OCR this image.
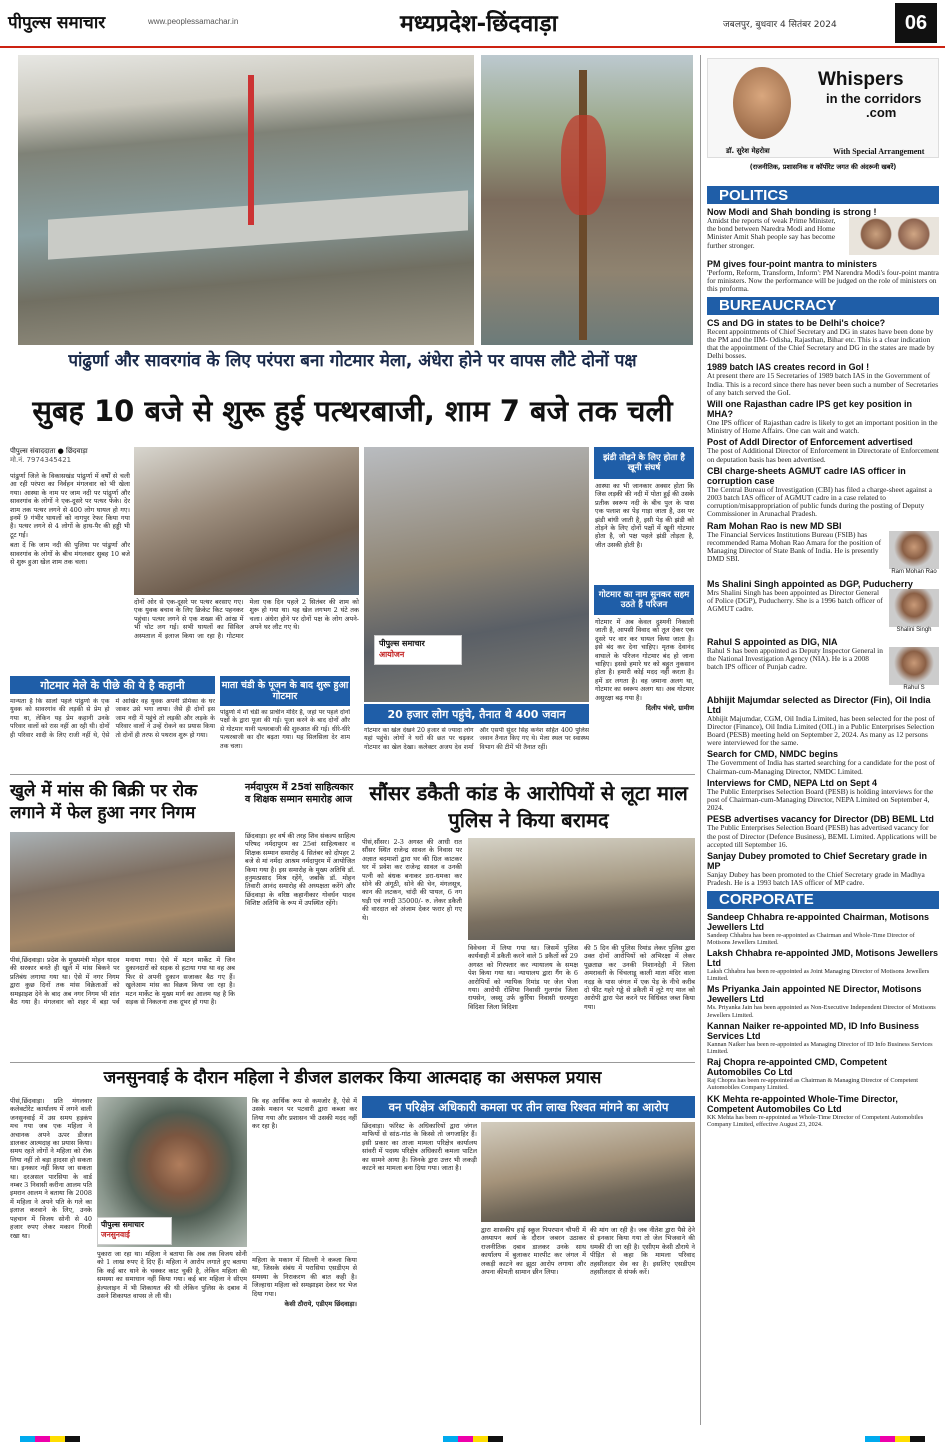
पीपुल्स समाचार	www.peoplessamachar.in	मध्यप्रदेश-छिंदवाड़ा	जबलपुर, बुधवार 4 सितंबर 2024	06
पांढुर्णा और सावरगांव के लिए परंपरा बना गोटमार मेला, अंधेरा होने पर वापस लौटे दोनों पक्ष
सुबह 10 बजे से शुरू हुई पत्थरबाजी, शाम 7 बजे तक चली
पीपुल्स संवाददाता ● छिंदवाड़ा
मो.नं. 7974345421

पांढुर्णा जिले के विकासखंड पांढुर्णा में वर्षों से चली आ रही परंपरा का निर्वहन मंगलवार को भी खेला गया। आस्था के नाम पर जाम नदी पर पांढुर्णा और सावरगांव के लोगों ने एक-दूसरे पर पत्थर फेंके। देर शाम तक पत्थर लगने से 400 लोग घायल हो गए। इनमें 9 गंभीर घायलों को नागपुर रेफर किया गया है। पत्थर लगने से 4 लोगों के हाथ-पैर की हड्डी भी टूट गई।

बता दें कि जाम नदी की पुलिया पर पांढुर्णा और सावरगांव के लोगों के बीच मंगलवार सुबह 10 बजे से शुरू हुआ खेल शाम तक चला।

दोनों ओर से एक-दूसरे पर पत्थर बरसाए गए। एक युवक बचाव के लिए क्रिकेट किट पहनकर पहुंचा। पत्थर लगने से एक शख्स की आंख में भी चोट लग गई। सभी घायलों का सिविल अस्पताल में इलाज किया जा रहा है। गोटमार मेला एक दिन पहले 2 सितंबर की शाम को शुरू हो गया था। यह खेल लगभग 2 घंटे तक चला। अंधेरा होने पर दोनों पक्ष के लोग अपने-अपने घर लौट गए थे।
पीपुल्स समाचार
आयोजन
झंडी तोड़ने के लिए होता है खूनी संघर्ष
आस्था का भी जानकार अक्सर होता कि जिस लड़की की नदी में पोता हुई की उसके प्रतीक स्वरूप नदी के बीच पुल के पास एक पलाश का पेड़ गाड़ा जाता है, उस पर झंडी बांधी जाती है, इसी पेड़ की झंडी को तोड़ने के लिए दोनों पक्षों में खूनी गोटमार होता है, जो पक्ष पहले झंडी तोड़ता है, जीत उसकी होती है।
गोटमार का नाम सुनकर सहम उठते हैं परिजन

गोटमार में अब केवल दुश्मनी निकाली जाती है, आपसी विवाद को तूल देकर एक दूसरे पर वार कर घायल किया जाता है। इसे बंद कर देना चाहिए। मृतक देवानंद वाघाले के परिजन गोटमार बंद हो जाना चाहिए। इससे हमारे घर को बहुत नुकसान होता है। हमारी कोई मदद नहीं करता है। हमें डर लगता है। वह जमाना अलग था, गोटमार का स्वरूप अलग था। अब गोटमार असुरक्षा बढ़ गया है।

दिलीप भंवरे, ग्रामीण

गोटमार मेले के पीछे की ये है कहानी
मान्यता है कि सालों पहले पांढुर्णा के एक युवक को सावरगांव की लड़की से प्रेम हो गया था, लेकिन यह प्रेम कहानी उनके परिवार वालों को रास नहीं आ रही थी। दोनों ही परिवार शादी के लिए राजी नहीं थे, ऐसे में आखिर वह युवक अपनी प्रेमिका के घर जाकर उसे भगा लाया। जैसे ही दोनों इस जाम नदी में पहुंचे तो लड़की और लड़के के परिवार वालों ने उन्हें रोकने का प्रयास किया तो दोनों ही तरफ से पथराव शुरू हो गया।
माता चंडी के पूजन के बाद शुरू हुआ गोटमार
पांढुर्णा में माँ चंडी का प्राचीन मंदिर है, जहां पर पहले दोनों पक्षों के द्वारा पूजा की गई। पूजा करने के बाद दोनों और से गोटमार यानी पत्थरबाजी की शुरुआत की गई। धीरे-धीरे पत्थरबाजी का दौर बढ़ता गया। यह सिलसिला देर शाम तक चला।
20 हजार लोग पहुंचे, तैनात थे 400 जवान
गोटमार का खेल देखने 20 हजार से ज्यादा लोग यहां पहुंचे। लोगों ने घरों की छत पर चढ़कर गोटमार का खेल देखा। कलेक्टर अजय देव शर्मा और एसपी सुंदर सिंह कनेश सहित 400 पुलिस जवान तैनात किए गए थे। मेला स्थल पर स्वास्थ्य विभाग की टीमें भी तैनात रहीं।
खुले में मांस की बिक्री पर रोक लगाने में फेल हुआ नगर निगम
पीसं,छिंदवाड़ा। प्रदेश के मुख्यमंत्री मोहन यादव की सरकार बनते ही खुले में मांस बिकने पर प्रतिबंध लगाया गया था। ऐसे में नगर निगम द्वारा कुछ दिनों तक मांस विक्रेताओं को समझाइश देने के बाद अब नगर निगम भी शांत बैठ गया है। मंगलवार को शहर में बड़ा पर्व मनाया गया। ऐसे में मटन मार्केट में जिन दुकानदारों को सड़क से हटाया गया था वह अब फिर से अपनी दुकान सजाकर बैठ गए हैं। खुलेआम मांस का विक्रय किया जा रहा है। मटन मार्केट के मुख्य मार्ग का आलम यह है कि सड़क से निकलना तक दूभर हो गया है।
नर्मदापुरम में 25वां साहित्यकार व शिक्षक सम्मान समारोह आज
छिंदवाड़ा। हर वर्ष की तरह शिव संकल्प साहित्य परिषद नर्मदापुरम का 25वां साहित्यकार व शिक्षक सम्मान समारोह 4 सितंबर को दोपहर 2 बजे से मां नर्मदा आश्रम नर्मदापुरम में आयोजित किया गया है। इस समारोह के मुख्य अतिथि डॉ. हनुमत्प्रसाद मिश्र रहेंगे, जबकि डॉ. मोहन तिवारी आनंद समारोह की अध्यक्षता करेंगे और छिंदवाड़ा के वरिष्ठ कहानीकार गोवर्धन यादव विशिष्ट अतिथि के रूप में उपस्थित रहेंगे।
सौंसर डकैती कांड के आरोपियों से लूटा माल पुलिस ने किया बरामद
पीसं,सौंसर। 2-3 अगस्त की आधी रात सौंसर स्थित राजेन्द्र सावल के निवास पर अज्ञात बदमाशों द्वारा घर की ग्रिल काटकर घर में प्रवेश कर राजेन्द्र सावल व उनकी पत्नी को बंधक बनाकर डरा-धमका कर सोने की अंगूठी, सोने की चेन, मंगलसूत्र, कान की लटकन, चांदी की पायल, 6 नग घड़ी एवं नगदी 35000/- रु. लेकर डकैती की वारदात को अंजाम देकर फरार हो गए थे।
विवेचना में लिया गया था। जिसमें पुलिस कार्यवाही में डकैती करने वाले 5 डकैतों को 29 अगस्त को गिरफ्तार कर न्यायालय के समक्ष पेश किया गया था। न्यायालय द्वारा गैंग के 6 आरोपियों को न्यायिक रिमांड पर जेल भेजा गया। आरोपी रोशिया निवासी गुलगांव जिला रायसेन, जस्सू उर्फ कुर्रिया निवासी धरमपुरा विदिशा जिला विदिशा
की 5 दिन की पुलिस रिमांड लेकर पुलिस द्वारा उक्त दोनों आरोपियों को अभिरक्षा में लेकर पूछताछ कर उनकी निशानदेही में जिला अमरावती के चिंचलाडू काली माता मंदिर वाला नदड़ के पास जंगल में एक पेड़ के नीचे करीब दो फीट गहरे गड्ढे से डकैती में लूटे गए माल को आरोपी द्वारा पेश करने पर विधिवत जब्त किया गया।
जनसुनवाई के दौरान महिला ने डीजल डालकर किया आत्मदाह का असफल प्रयास
पीसं,छिंदवाड़ा। प्रति मंगलवार कलेक्टोरेट कार्यालय में लगने वाली जनसुनवाई में उस समय हड़कंप मच गया जब एक महिला ने अचानक अपने ऊपर डीजल डालकर आत्मदाह का प्रयास किया। समय रहते लोगों ने महिला को रोक लिया नहीं तो बड़ा हादसा हो सकता था। इनकार नहीं किया जा सकता था। दरअसल पारसिया के वार्ड नम्बर 3 निवासी करीना आलम पति इमरान आलम ने बताया कि 2008 में महिला ने अपने पति के गले का इलाज करवाने के लिए, उनके पहचान में विजय सोनी से 40 हजार रुपए लेकर मकान गिरवी रखा था।
पीपुल्स समाचार
जनसुनवाई
पुकारा जा रहा था। महिला ने बताया कि अब तक विजय सोनी को 1 लाख रुपए दे दिए हैं। महिला ने आरोप लगाते हुए बताया कि कई बार थाने के चक्कर काट चुकी है, लेकिन महिला की समस्या का समाधान नहीं किया गया। कई बार महिला ने सीएम हेल्पलाइन में भी शिकायत की थी लेकिन पुलिस के दबाव में उसने शिकायत वापस ले ली थी।
कि वह आर्थिक रूप से कमजोर है, ऐसे में उसके मकान पर पटवारी द्वारा कब्जा कर लिया गया और प्रशासन भी उसकी मदद नहीं कर रहा है।

महिला के मकान में सिल्ली ने कब्जा किया था, जिसके संबंध में परासिया एसडीएम से समस्या के निराकरण की बात कही है। जिल्हाधा महिला को समझाइश देकर घर भेज दिया गया।

केसी ठौराये, एडीएम छिंदवाड़ा।

वन परिक्षेत्र अधिकारी कमला पर तीन लाख रिश्वत मांगने का आरोप
छिंदवाड़ा। फॉरेस्ट के अधिकारियों द्वारा जंगल माफियों से सांठ-गांठ के किस्से तो जगजाहिर हैं। इसी प्रकार का ताजा मामला परिक्षेत्र कार्यालय सांवरी में पदस्थ परिक्षेत्र अधिकारी कमला पाटिल का सामने आया है। जिनके द्वारा उत्तर भी लकड़ी काटने का मामला बना दिया गया। जाता है।
द्वारा शासकीय हाई स्कूल पिपरपान चौपरी में अध्यापन कार्य के दौरान जबरन उठाकर राजनीतिक दबाव डालकर उनके साथ कार्यालय में बुलाकर मारपीट कर जंगल में लकड़ी काटने का झूठा आरोप लगाया और अपना कीमती सामान छीन लिया।
की मांग जा रही है। जब नीतेश द्वारा पैसे देने से इनकार किया गया तो जेल भिजवाने की धमकी दी जा रही है। एसीएम केसी ठौराये ने पीड़ित से कहा कि मामला परिवाद तहसीलदार सेव का है। इसलिए एसडीएम तहसीलदार से संपर्क करें।
Whispers
in the corridors
.com
डॉ. सुरेश मेहरोत्रा	With Special Arrangement
(राजनीतिक, प्रशासनिक व कॉर्पोरेट जगत की अंदरूनी खबरें)
POLITICS
Now Modi and Shah bonding is strong !
Amidst the reports of weak Prime Minister, the bond between Naredra Modi and Home Minister Amit Shah people say has become further stronger.
PM gives four-point mantra to ministers
'Perform, Reform, Transform, Inform': PM Narendra Modi's four-point mantra for ministers. Now the performance will be judged on the role of ministers on this proforma.
BUREAUCRACY
CS and DG in states to be Delhi's choice?
Recent appointments of Chief Secretary and DG in states have been done by the PM and the IIM- Odisha, Rajasthan, Bihar etc. This is a clear indication that the appointment of the Chief Secretary and DG in the states are made by Delhi bosses.
1989 batch IAS creates record in GoI !
At present there are 15 Secretaries of 1989 batch IAS in the Government of India. This is a record since there has never been such a number of Secretaries of any batch served the GoI.
Will one Rajasthan cadre IPS get key position in MHA?
One IPS officer of Rajasthan cadre is likely to get an important position in the Ministry of Home Affairs. One can wait and watch.
Post of Addl Director of Enforcement advertised
The post of Additional Director of Enforcement in Directorate of Enforcement on deputation basis has been advertised.
CBI charge-sheets AGMUT cadre IAS officer in corruption case
The Central Bureau of Investigation (CBI) has filed a charge-sheet against a 2003 batch IAS officer of AGMUT cadre in a case related to corruption/misappropriation of public funds during the posting of Deputy Commissioner in Arunachal Pradesh.
Ram Mohan Rao is new MD SBI
Ram Mohan Rao
The Financial Services Institutions Bureau (FSIB) has recommended Rama Mohan Rao Amara for the position of Managing Director of State Bank of India. He is presently DMD SBI.
Ms Shalini Singh appointed as DGP, Puducherry
Shalini Singh
Mrs Shalini Singh has been appointed as Director General of Police (DGP), Puducherry. She is a 1996 batch officer of AGMUT cadre.
Rahul S appointed as DIG, NIA
Rahul S
Rahul S has been appointed as Deputy Inspector General in the National Investigation Agency (NIA). He is a 2008 batch IPS officer of Punjab cadre.
Abhijit Majumdar selected as Director (Fin), Oil India Ltd
Abhijit Majumdar, CGM, Oil India Limited, has been selected for the post of Director (Finance), Oil India Limited (OIL) in a Public Enterprises Selection Board (PESB) meeting held on September 2, 2024. As many as 12 persons were interviewed for the same.
Search for CMD, NMDC begins
The Government of India has started searching for a candidate for the post of Chairman-cum-Managing Director, NMDC Limited.
Interviews for CMD, NEPA Ltd on Sept 4
The Public Enterprises Selection Board (PESB) is holding interviews for the post of Chairman-cum-Managing Director, NEPA Limited on September 4, 2024.
PESB advertises vacancy for Director (DB) BEML Ltd
The Public Enterprises Selection Board (PESB) has advertised vacancy for the post of Director (Defence Business), BEML Limited. Applications will be accepted till September 16.
Sanjay Dubey promoted to Chief Secretary grade in MP
Sanjay Dubey has been promoted to the Chief Secretary grade in Madhya Pradesh. He is a 1993 batch IAS officer of MP cadre.
CORPORATE
Sandeep Chhabra re-appointed Chairman, Motisons Jewellers Ltd
Sandeep Chhabra has been re-appointed as Chairman and Whole-Time Director of Motisons Jewellers Limited.
Laksh Chhabra re-appointed JMD, Motisons Jewellers Ltd
Laksh Chhabra has been re-appointed as Joint Managing Director of Motisons Jewellers Limited.
Ms Priyanka Jain appointed NE Director, Motisons Jewellers Ltd
Ms. Priyanka Jain has been appointed as Non-Executive Independent Director of Motisons Jewellers Limited.
Kannan Naiker re-appointed MD, ID Info Business Services Ltd
Kannan Naiker has been re-appointed as Managing Director of ID Info Business Services Limited.
Raj Chopra re-appointed CMD, Competent Automobiles Co Ltd
Raj Chopra has been re-appointed as Chairman & Managing Director of Competent Automobiles Company Limited.
KK Mehta re-appointed Whole-Time Director, Competent Automobiles Co Ltd
KK Mehta has been re-appointed as Whole-Time Director of Competent Automobiles Company Limited, effective August 23, 2024.
